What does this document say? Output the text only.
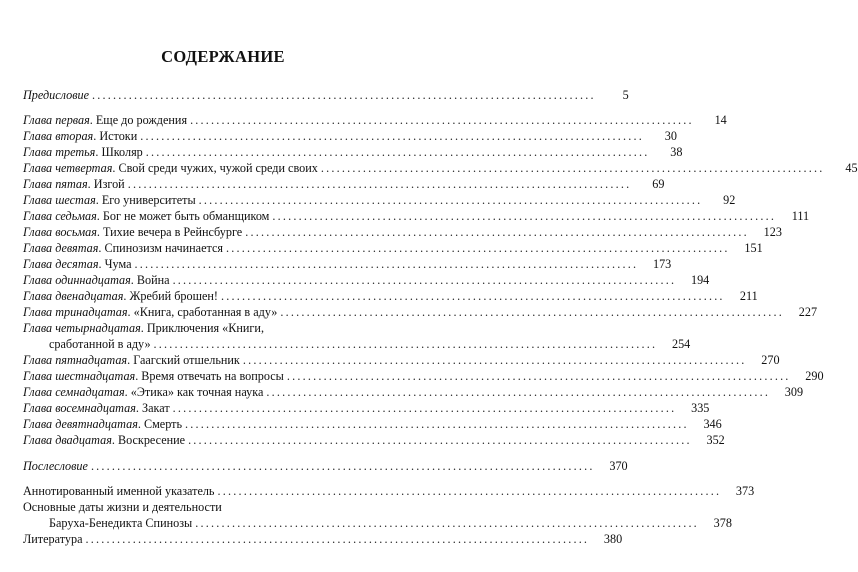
СОДЕРЖАНИЕ
Предисловие ................................................................................................	5
Глава первая. Еще до рождения ................................................................................................	14
Глава вторая. Истоки ................................................................................................	30
Глава третья. Школяр ................................................................................................	38
Глава четвертая. Свой среди чужих, чужой среди своих ................................................................................................	45
Глава пятая. Изгой ................................................................................................	69
Глава шестая. Его университеты ................................................................................................	92
Глава седьмая. Бог не может быть обманщиком ................................................................................................	111
Глава восьмая. Тихие вечера в Рейнсбурге ................................................................................................	123
Глава девятая. Спинозизм начинается ................................................................................................	151
Глава десятая. Чума ................................................................................................	173
Глава одиннадцатая. Война ................................................................................................	194
Глава двенадцатая. Жребий брошен! ................................................................................................	211
Глава тринадцатая. «Книга, сработанная в аду» ................................................................................................	227
Глава четырнадцатая. Приключения «Книги,
сработанной в аду» ................................................................................................	254
Глава пятнадцатая. Гаагский отшельник ................................................................................................	270
Глава шестнадцатая. Время отвечать на вопросы ................................................................................................	290
Глава семнадцатая. «Этика» как точная наука ................................................................................................	309
Глава восемнадцатая. Закат ................................................................................................	335
Глава девятнадцатая. Смерть ................................................................................................	346
Глава двадцатая. Воскресение ................................................................................................	352
Послесловие ................................................................................................	370
Аннотированный именной указатель ................................................................................................	373
Основные даты жизни и деятельности
Баруха-Бенедикта Спинозы ................................................................................................	378
Литература ................................................................................................	380
